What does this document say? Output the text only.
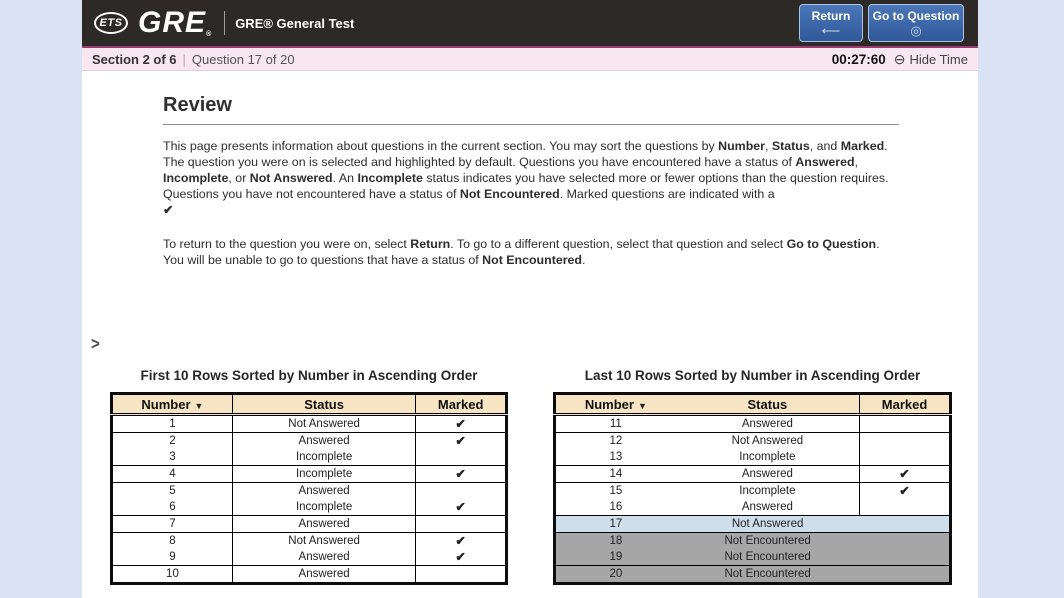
ETS GRE®
GRE® General Test	Return
⟵
Go to Question
◎
Section 2 of 6 | Question 17 of 20	00:27:60 ⊖ Hide Time
Review

This page presents information about questions in the current section. You may sort the questions by Number, Status, and Marked. The question you were on is selected and highlighted by default. Questions you have encountered have a status of Answered, Incomplete, or Not Answered. An Incomplete status indicates you have selected more or fewer options than the question requires. Questions you have not encountered have a status of Not Encountered. Marked questions are indicated with a
✔

To return to the question you were on, select Return. To go to a different question, select that question and select Go to Question. You will be unable to go to questions that have a status of Not Encountered.

>
First 10 Rows Sorted by Number in Ascending Order
Number ▼	Status	Marked
1	Not Answered	✔
2	Answered	✔
3	Incomplete	
4	Incomplete	✔
5	Answered	
6	Incomplete	✔
7	Answered	
8	Not Answered	✔
9	Answered	✔
10	Answered	
Last 10 Rows Sorted by Number in Ascending Order
Number ▼	Status	Marked
11	Answered	
12	Not Answered	
13	Incomplete	
14	Answered	✔
15	Incomplete	✔
16	Answered	
17	Not Answered	
18	Not Encountered	
19	Not Encountered	
20	Not Encountered	
